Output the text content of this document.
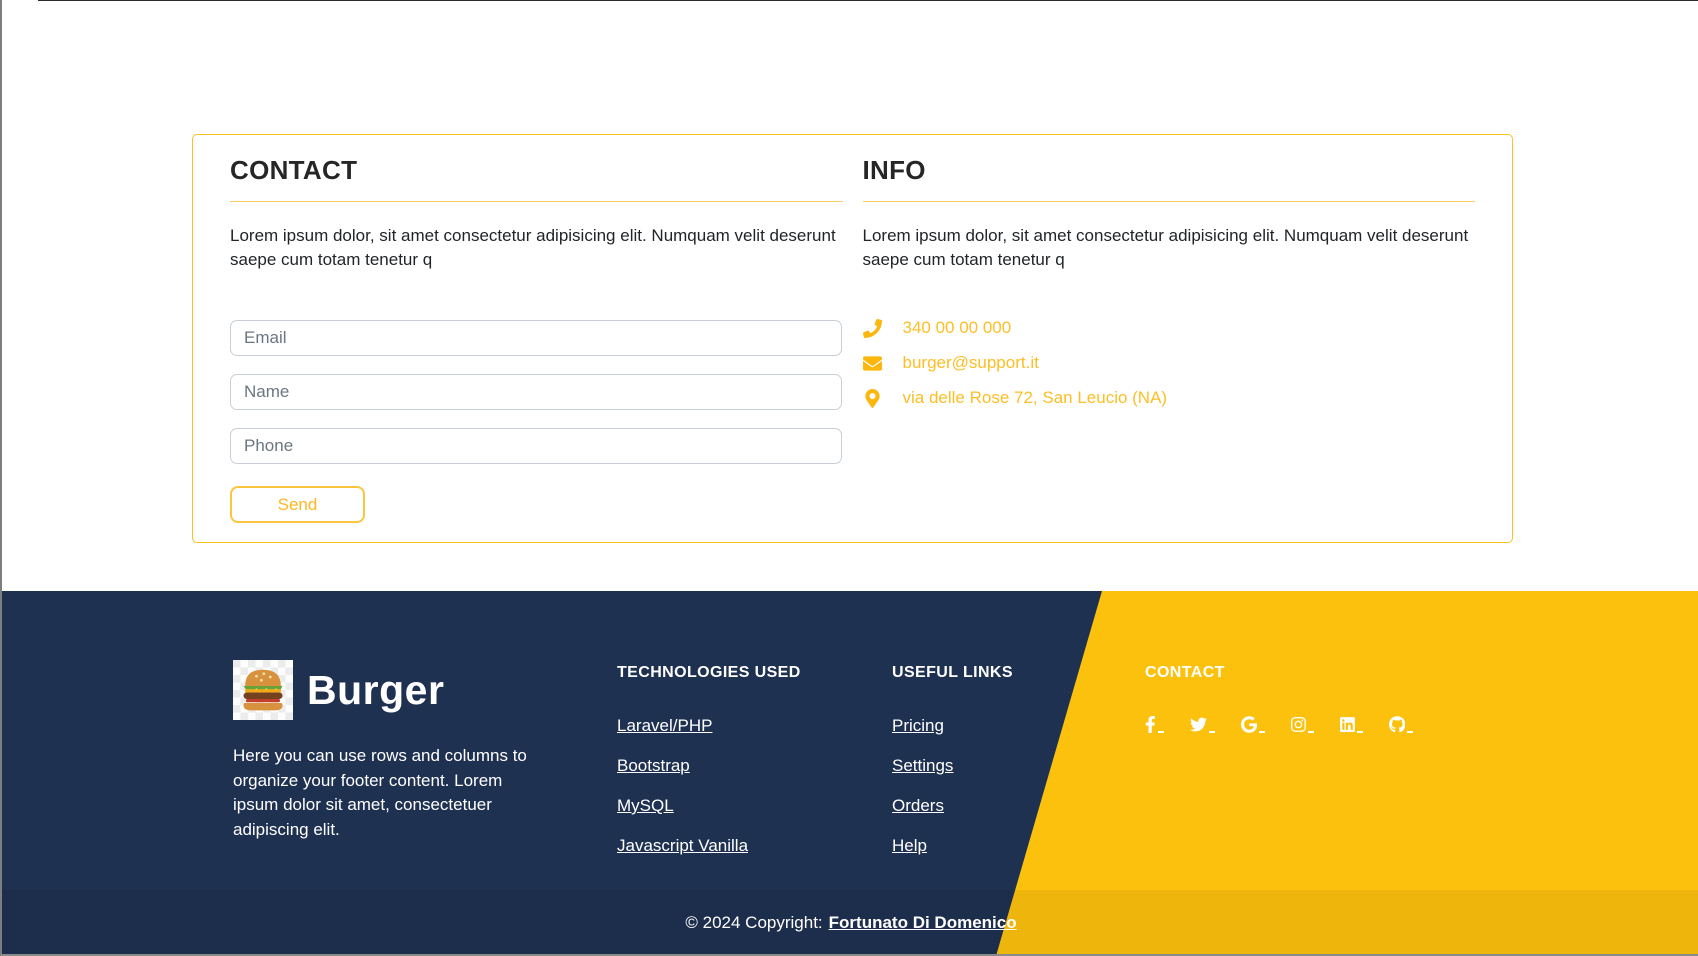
CONTACT

Lorem ipsum dolor, sit amet consectetur adipisicing elit. Numquam velit deserunt saepe cum totam tenetur q

Email
Name
Phone Send
INFO

Lorem ipsum dolor, sit amet consectetur adipisicing elit. Numquam velit deserunt saepe cum totam tenetur q

340 00 00 000
burger@support.it
via delle Rose 72, San Leucio (NA)
Burger

Here you can use rows and columns to organize your footer content. Lorem ipsum dolor sit amet, consectetuer adipiscing elit.

TECHNOLOGIES USED
Laravel/PHP
Bootstrap
MySQL
Javascript Vanilla
USEFUL LINKS
Pricing
Settings
Orders
Help
CONTACT
© 2024 Copyright: Fortunato Di Domenico
